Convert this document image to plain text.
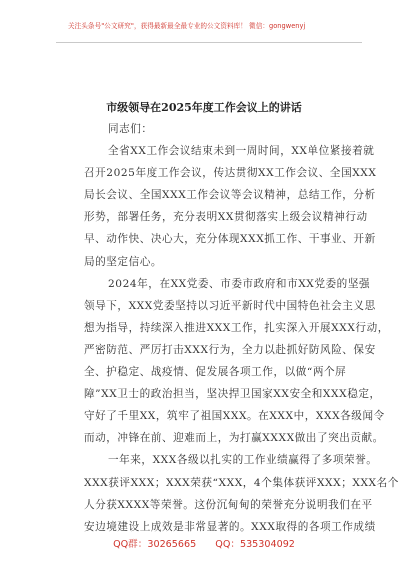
关注头条号"公文研究"，获得最新最全最专业的公文资料库！ 微信：gongwenyj
市级领导在2025年度工作会议上的讲话
同志们：
全省XX工作会议结束未到一周时间，XX单位紧接着就
召开2025年度工作会议，传达贯彻XX工作会议、全国XXX
局长会议、全国XXX工作会议等会议精神，总结工作，分析
形势，部署任务，充分表明XX贯彻落实上级会议精神行动
早、动作快、决心大，充分体现XXX抓工作、干事业、开新
局的坚定信心。
2024年，在XX党委、市委市政府和市XX党委的坚强
领导下，XXX党委坚持以习近平新时代中国特色社会主义思
想为指导，持续深入推进XXX工作，扎实深入开展XXX行动，
严密防范、严厉打击XXX行为，全力以赴抓好防风险、保安
全、护稳定、战疫情、促发展各项工作，以做“两个屏
障”XX卫士的政治担当，坚决捍卫国家XX安全和XXX稳定，
守好了千里XX，筑牢了祖国XXX。在XXX中，XXX各级闻令
而动，冲锋在前、迎难而上，为打赢XXXX做出了突出贡献。
一年来，XXX各级以扎实的工作业绩赢得了多项荣誉。
XXX获评XXX；XXX荣获“XXX，4个集体获评XXX；XXX名个
人分获XXXX等荣誉。这份沉甸甸的荣誉充分说明我们在平
安边境建设上成效是非常显著的。XXX取得的各项工作成绩
QQ群：30265665 QQ：535304092
